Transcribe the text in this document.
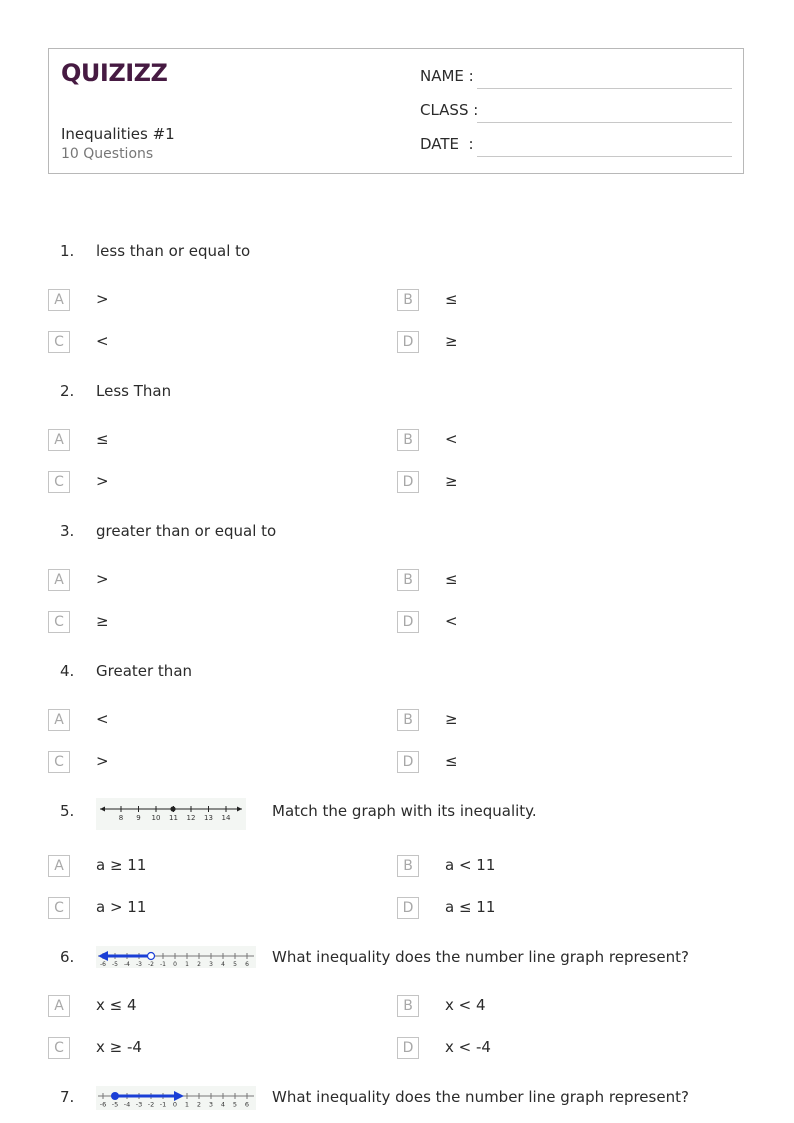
QUIZIZZ
Inequalities #1
10 Questions
NAME :
CLASS :
DATE  :
1. less than or equal to
A	>	B	≤
C	<	D	≥
2. Less Than
A	≤	B	<
C	>	D	≥
3. greater than or equal to
A	>	B	≤
C	≥	D	<
4. Greater than
A	<	B	≥
C	>	D	≤
5.	8 9 10 11 12 13 14	Match the graph with its inequality.
A	a ≥ 11	B	a < 11
C	a > 11	D	a ≤ 11
6.	-6 -5 -4 -3 -2 -1 0 1 2 3 4 5 6 What inequality does the number line graph represent?
A	x ≤ 4	B	x < 4
C	x ≥ -4	D	x < -4
7.	-6 -5 -4 -3 -2 -1 0 1 2 3 4 5 6 What inequality does the number line graph represent?
